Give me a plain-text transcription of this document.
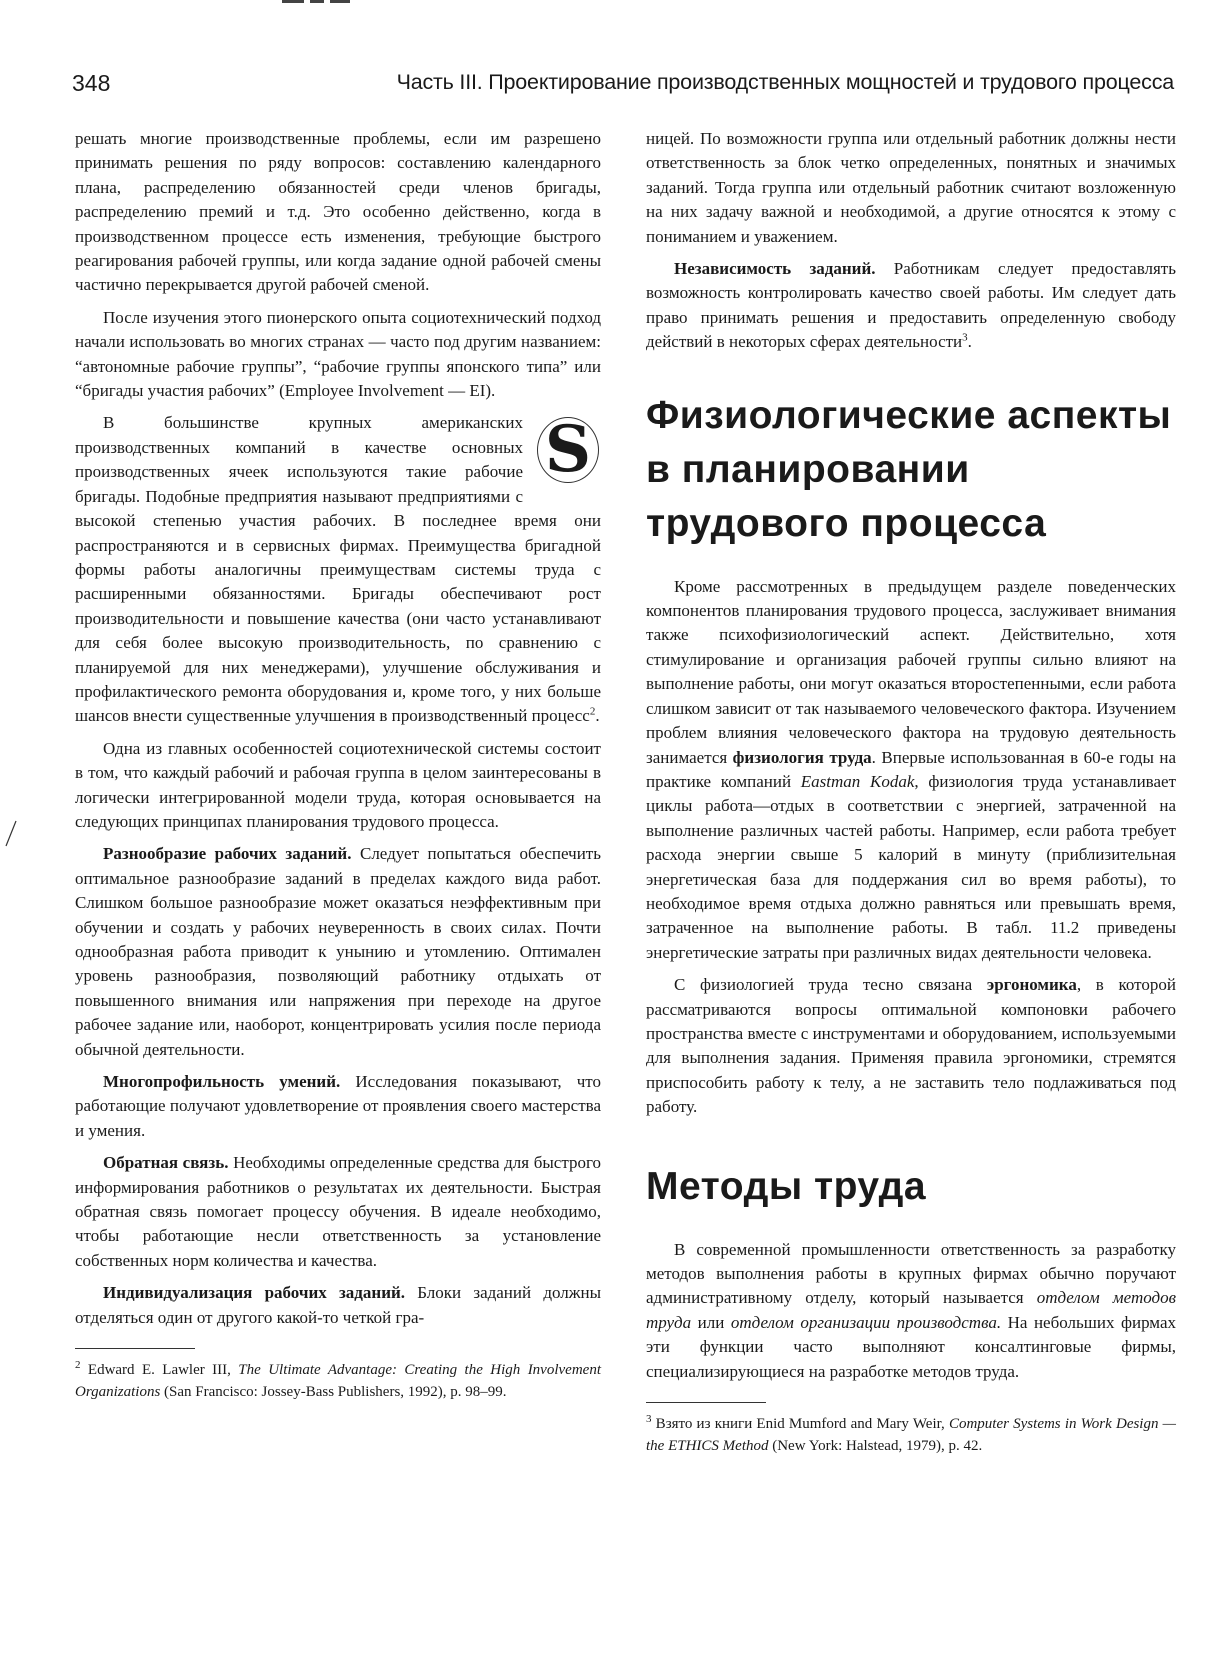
348	Часть III. Проектирование производственных мощностей и трудового процесса

решать многие производственные проблемы, если им разрешено принимать решения по ряду вопросов: составлению календарного плана, распределению обязанностей среди членов бригады, распределению премий и т.д. Это особенно действенно, когда в производственном процессе есть изменения, требующие быстрого реагирования рабочей группы, или когда задание одной рабочей смены частично перекрывается другой рабочей сменой.

После изучения этого пионерского опыта социотехнический подход начали использовать во многих странах — часто под другим названием: “автономные рабочие группы”, “рабочие группы японского типа” или “бригады участия рабочих” (Employee Involvement — EI).

S

В большинстве крупных американских производственных компаний в качестве основных производственных ячеек используются такие рабочие бригады. Подобные предприятия называют предприятиями с высокой степенью участия рабочих. В последнее время они распространяются и в сервисных фирмах. Преимущества бригадной формы работы аналогичны преимуществам системы труда с расширенными обязанностями. Бригады обеспечивают рост производительности и повышение качества (они часто устанавливают для себя более высокую производительность, по сравнению с планируемой для них менеджерами), улучшение обслуживания и профилактического ремонта оборудования и, кроме того, у них больше шансов внести существенные улучшения в производственный процесс$^2$.

Одна из главных особенностей социотехнической системы состоит в том, что каждый рабочий и рабочая группа в целом заинтересованы в логически интегрированной модели труда, которая основывается на следующих принципах планирования трудового процесса.

Разнообразие рабочих заданий. Следует попытаться обеспечить оптимальное разнообразие заданий в пределах каждого вида работ. Слишком большое разнообразие может оказаться неэффективным при обучении и создать у рабочих неуверенность в своих силах. Почти однообразная работа приводит к унынию и утомлению. Оптимален уровень разнообразия, позволяющий работнику отдыхать от повышенного внимания или напряжения при переходе на другое рабочее задание или, наоборот, концентрировать усилия после периода обычной деятельности.

Многопрофильность умений. Исследования показывают, что работающие получают удовлетворение от проявления своего мастерства и умения.

Обратная связь. Необходимы определенные средства для быстрого информирования работников о результатах их деятельности. Быстрая обратная связь помогает процессу обучения. В идеале необходимо, чтобы работающие несли ответственность за установление собственных норм количества и качества.

Индивидуализация рабочих заданий. Блоки заданий должны отделяться один от другого какой-то четкой гра-

$^2$ Edward E. Lawler III, The Ultimate Advantage: Creating the High Involvement Organizations (San Francisco: Jossey-Bass Publishers, 1992), p. 98–99.

ницей. По возможности группа или отдельный работник должны нести ответственность за блок четко определенных, понятных и значимых заданий. Тогда группа или отдельный работник считают возложенную на них задачу важной и необходимой, а другие относятся к этому с пониманием и уважением.

Независимость заданий. Работникам следует предоставлять возможность контролировать качество своей работы. Им следует дать право принимать решения и предоставить определенную свободу действий в некоторых сферах деятельности$^3$.

Физиологические аспекты в планировании трудового процесса

Кроме рассмотренных в предыдущем разделе поведенческих компонентов планирования трудового процесса, заслуживает внимания также психофизиологический аспект. Действительно, хотя стимулирование и организация рабочей группы сильно влияют на выполнение работы, они могут оказаться второстепенными, если работа слишком зависит от так называемого человеческого фактора. Изучением проблем влияния человеческого фактора на трудовую деятельность занимается физиология труда. Впервые использованная в 60-е годы на практике компаний Eastman Kodak, физиология труда устанавливает циклы работа—отдых в соответствии с энергией, затраченной на выполнение различных частей работы. Например, если работа требует расхода энергии свыше 5 калорий в минуту (приблизительная энергетическая база для поддержания сил во время работы), то необходимое время отдыха должно равняться или превышать время, затраченное на выполнение работы. В табл. 11.2 приведены энергетические затраты при различных видах деятельности человека.

С физиологией труда тесно связана эргономика, в которой рассматриваются вопросы оптимальной компоновки рабочего пространства вместе с инструментами и оборудованием, используемыми для выполнения задания. Применяя правила эргономики, стремятся приспособить работу к телу, а не заставить тело подлаживаться под работу.

Методы труда

В современной промышленности ответственность за разработку методов выполнения работы в крупных фирмах обычно поручают административному отделу, который называется отделом методов труда или отделом организации производства. На небольших фирмах эти функции часто выполняют консалтинговые фирмы, специализирующиеся на разработке методов труда.

$^3$ Взято из книги Enid Mumford and Mary Weir, Computer Systems in Work Design — the ETHICS Method (New York: Halstead, 1979), p. 42.
